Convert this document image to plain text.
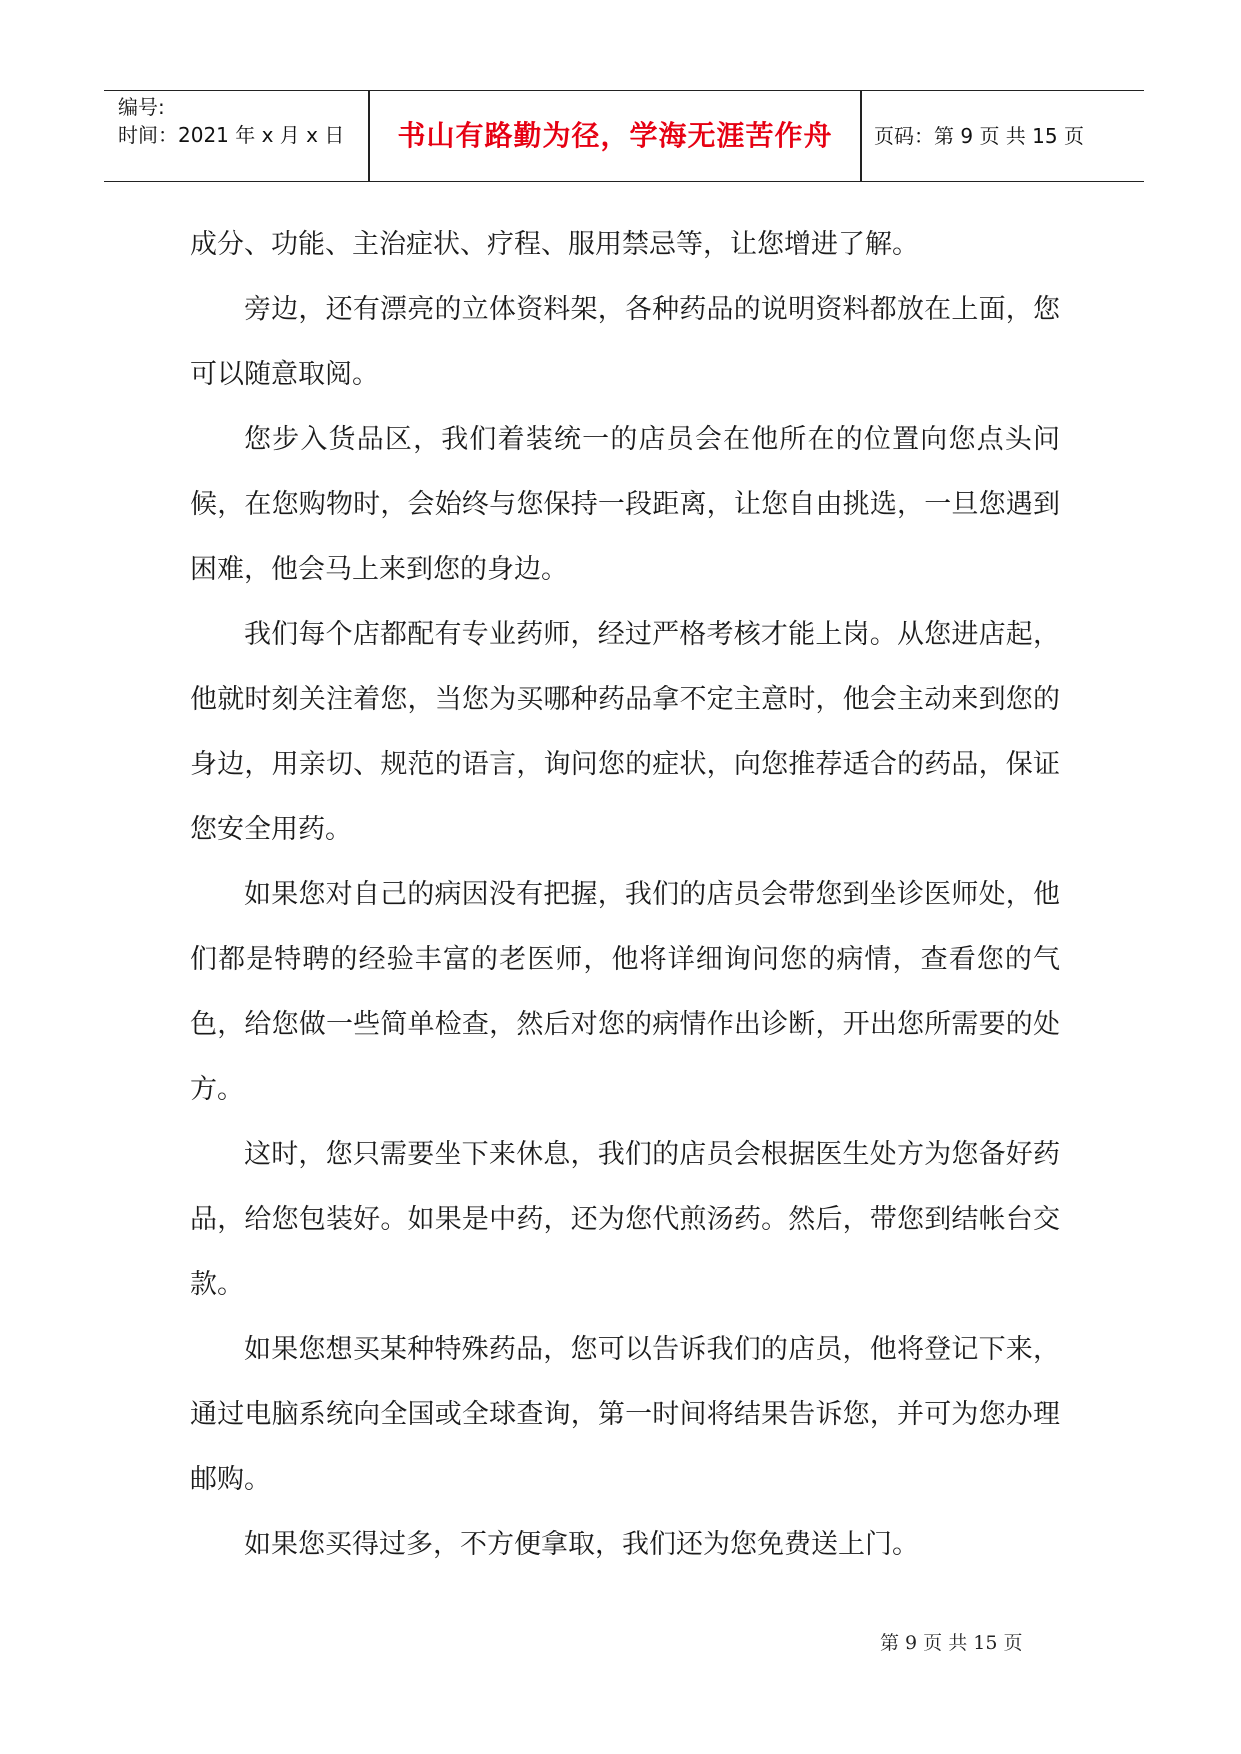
编号:
时间：2021 年 x 月 x 日	书山有路勤为径，学海无涯苦作舟	页码：第 9 页 共 15 页

成分、功能、主治症状、疗程、服用禁忌等，让您增进了解。

旁边，还有漂亮的立体资料架，各种药品的说明资料都放在上面，您可以随意取阅。

您步入货品区，我们着装统一的店员会在他所在的位置向您点头问候，在您购物时，会始终与您保持一段距离，让您自由挑选，一旦您遇到困难，他会马上来到您的身边。

我们每个店都配有专业药师，经过严格考核才能上岗。从您进店起，他就时刻关注着您，当您为买哪种药品拿不定主意时，他会主动来到您的身边，用亲切、规范的语言，询问您的症状，向您推荐适合的药品，保证您安全用药。

如果您对自己的病因没有把握，我们的店员会带您到坐诊医师处，他们都是特聘的经验丰富的老医师，他将详细询问您的病情，查看您的气色，给您做一些简单检查，然后对您的病情作出诊断，开出您所需要的处方。

这时，您只需要坐下来休息，我们的店员会根据医生处方为您备好药品，给您包装好。如果是中药，还为您代煎汤药。然后，带您到结帐台交款。

如果您想买某种特殊药品，您可以告诉我们的店员，他将登记下来，通过电脑系统向全国或全球查询，第一时间将结果告诉您，并可为您办理邮购。

如果您买得过多，不方便拿取，我们还为您免费送上门。

第 9 页 共 15 页
